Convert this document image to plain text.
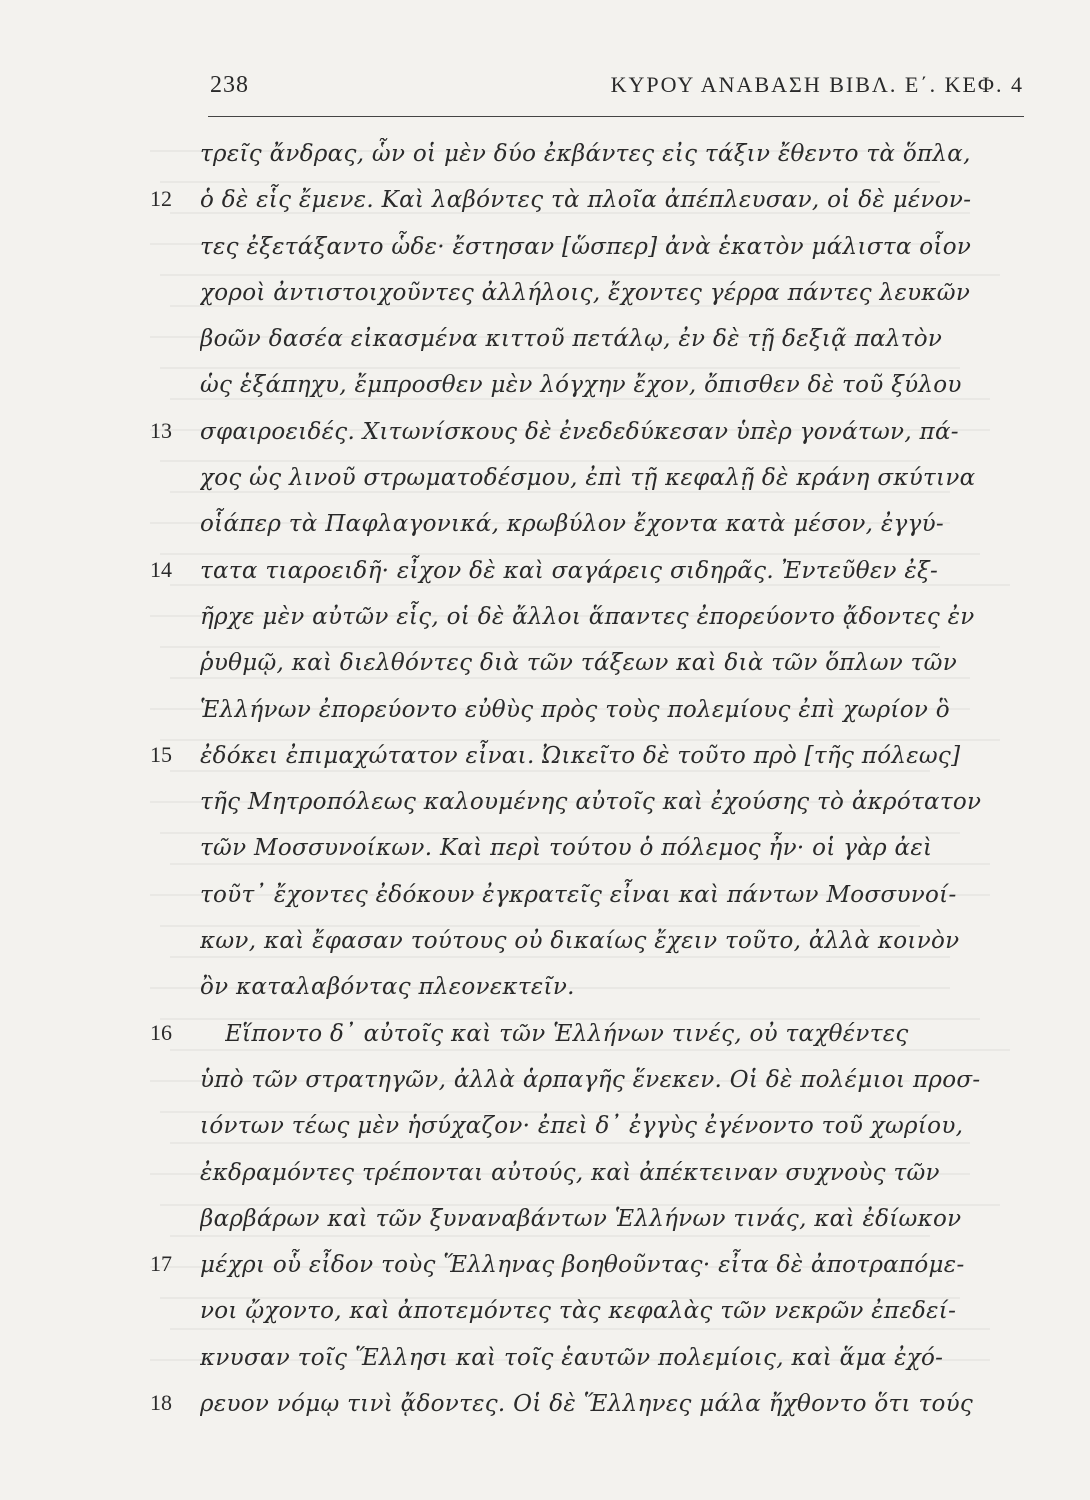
238	ΚΥΡΟΥ ΑΝΑΒΑΣΗ ΒΙΒΛ. Ε΄. ΚΕΦ. 4
τρεῖς ἄνδρας, ὧν οἱ μὲν δύο ἐκβάντες εἰς τάξιν ἔθεντο τὰ ὅπλα,
12	ὁ δὲ εἷς ἔμενε. Καὶ λαβόντες τὰ πλοῖα ἀπέπλευσαν, οἱ δὲ μένον-
τες ἐξετάξαντο ὧδε· ἔστησαν [ὥσπερ] ἀνὰ ἑκατὸν μάλιστα οἷον
χοροὶ ἀντιστοιχοῦντες ἀλλήλοις, ἔχοντες γέρρα πάντες λευκῶν
βοῶν δασέα εἰκασμένα κιττοῦ πετάλῳ, ἐν δὲ τῇ δεξιᾷ παλτὸν
ὡς ἑξάπηχυ, ἔμπροσθεν μὲν λόγχην ἔχον, ὄπισθεν δὲ τοῦ ξύλου
13	σφαιροειδές. Χιτωνίσκους δὲ ἐνεδεδύκεσαν ὑπὲρ γονάτων, πά-
χος ὡς λινοῦ στρωματοδέσμου, ἐπὶ τῇ κεφαλῇ δὲ κράνη σκύτινα
οἷάπερ τὰ Παφλαγονικά, κρωβύλον ἔχοντα κατὰ μέσον, ἐγγύ-
14	τατα τιαροειδῆ· εἶχον δὲ καὶ σαγάρεις σιδηρᾶς. Ἐντεῦθεν ἐξ-
ῆρχε μὲν αὐτῶν εἷς, οἱ δὲ ἄλλοι ἅπαντες ἐπορεύοντο ᾄδοντες ἐν
ῥυθμῷ, καὶ διελθόντες διὰ τῶν τάξεων καὶ διὰ τῶν ὅπλων τῶν
Ἑλλήνων ἐπορεύοντο εὐθὺς πρὸς τοὺς πολεμίους ἐπὶ χωρίον ὃ
15	ἐδόκει ἐπιμαχώτατον εἶναι. Ὠικεῖτο δὲ τοῦτο πρὸ [τῆς πόλεως]
τῆς Μητροπόλεως καλουμένης αὐτοῖς καὶ ἐχούσης τὸ ἀκρότατον
τῶν Μοσσυνοίκων. Καὶ περὶ τούτου ὁ πόλεμος ἦν· οἱ γὰρ ἀεὶ
τοῦτ᾽ ἔχοντες ἐδόκουν ἐγκρατεῖς εἶναι καὶ πάντων Μοσσυνοί-
κων, καὶ ἔφασαν τούτους οὐ δικαίως ἔχειν τοῦτο, ἀλλὰ κοινὸν
ὂν καταλαβόντας πλεονεκτεῖν.
16	Εἵποντο δ᾽ αὐτοῖς καὶ τῶν Ἑλλήνων τινές, οὐ ταχθέντες
ὑπὸ τῶν στρατηγῶν, ἀλλὰ ἁρπαγῆς ἕνεκεν. Οἱ δὲ πολέμιοι προσ-
ιόντων τέως μὲν ἡσύχαζον· ἐπεὶ δ᾽ ἐγγὺς ἐγένοντο τοῦ χωρίου,
ἐκδραμόντες τρέπονται αὐτούς, καὶ ἀπέκτειναν συχνοὺς τῶν
βαρβάρων καὶ τῶν ξυναναβάντων Ἑλλήνων τινάς, καὶ ἐδίωκον
17	μέχρι οὗ εἶδον τοὺς Ἕλληνας βοηθοῦντας· εἶτα δὲ ἀποτραπόμε-
νοι ᾤχοντο, καὶ ἀποτεμόντες τὰς κεφαλὰς τῶν νεκρῶν ἐπεδεί-
κνυσαν τοῖς Ἕλλησι καὶ τοῖς ἑαυτῶν πολεμίοις, καὶ ἅμα ἐχό-
18	ρευον νόμῳ τινὶ ᾄδοντες. Οἱ δὲ Ἕλληνες μάλα ἤχθοντο ὅτι τούς
